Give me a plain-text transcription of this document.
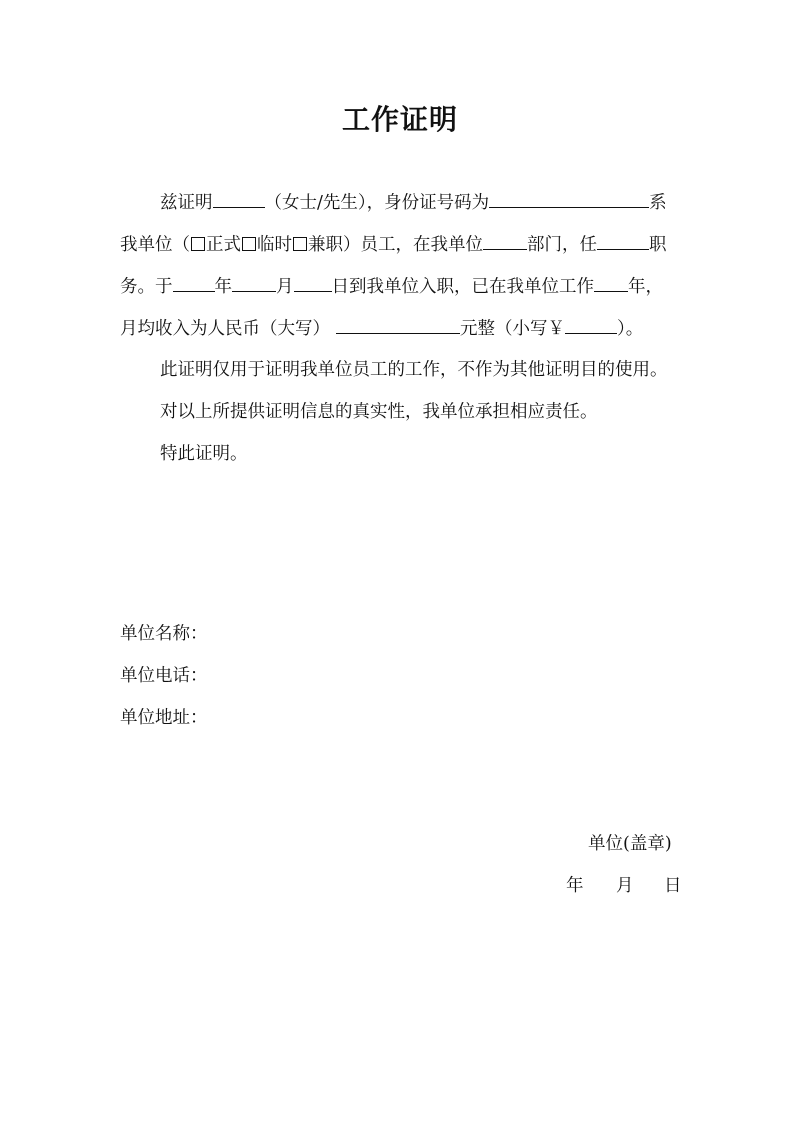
工作证明
兹证明	（女士/先生），身份证号码为	系
我单位（ 正式 临时 兼职）员工，在我单位	部门，任	职
务。于 年	月 日到我单位入职，已在我单位工作 年，
月均收入为人民币（大写）	元整（小写￥	）。
此证明仅用于证明我单位员工的工作，不作为其他证明目的使用。
对以上所提供证明信息的真实性，我单位承担相应责任。
特此证明。
单位名称：
单位电话：
单位地址：
单位(盖章)
年 月 日
